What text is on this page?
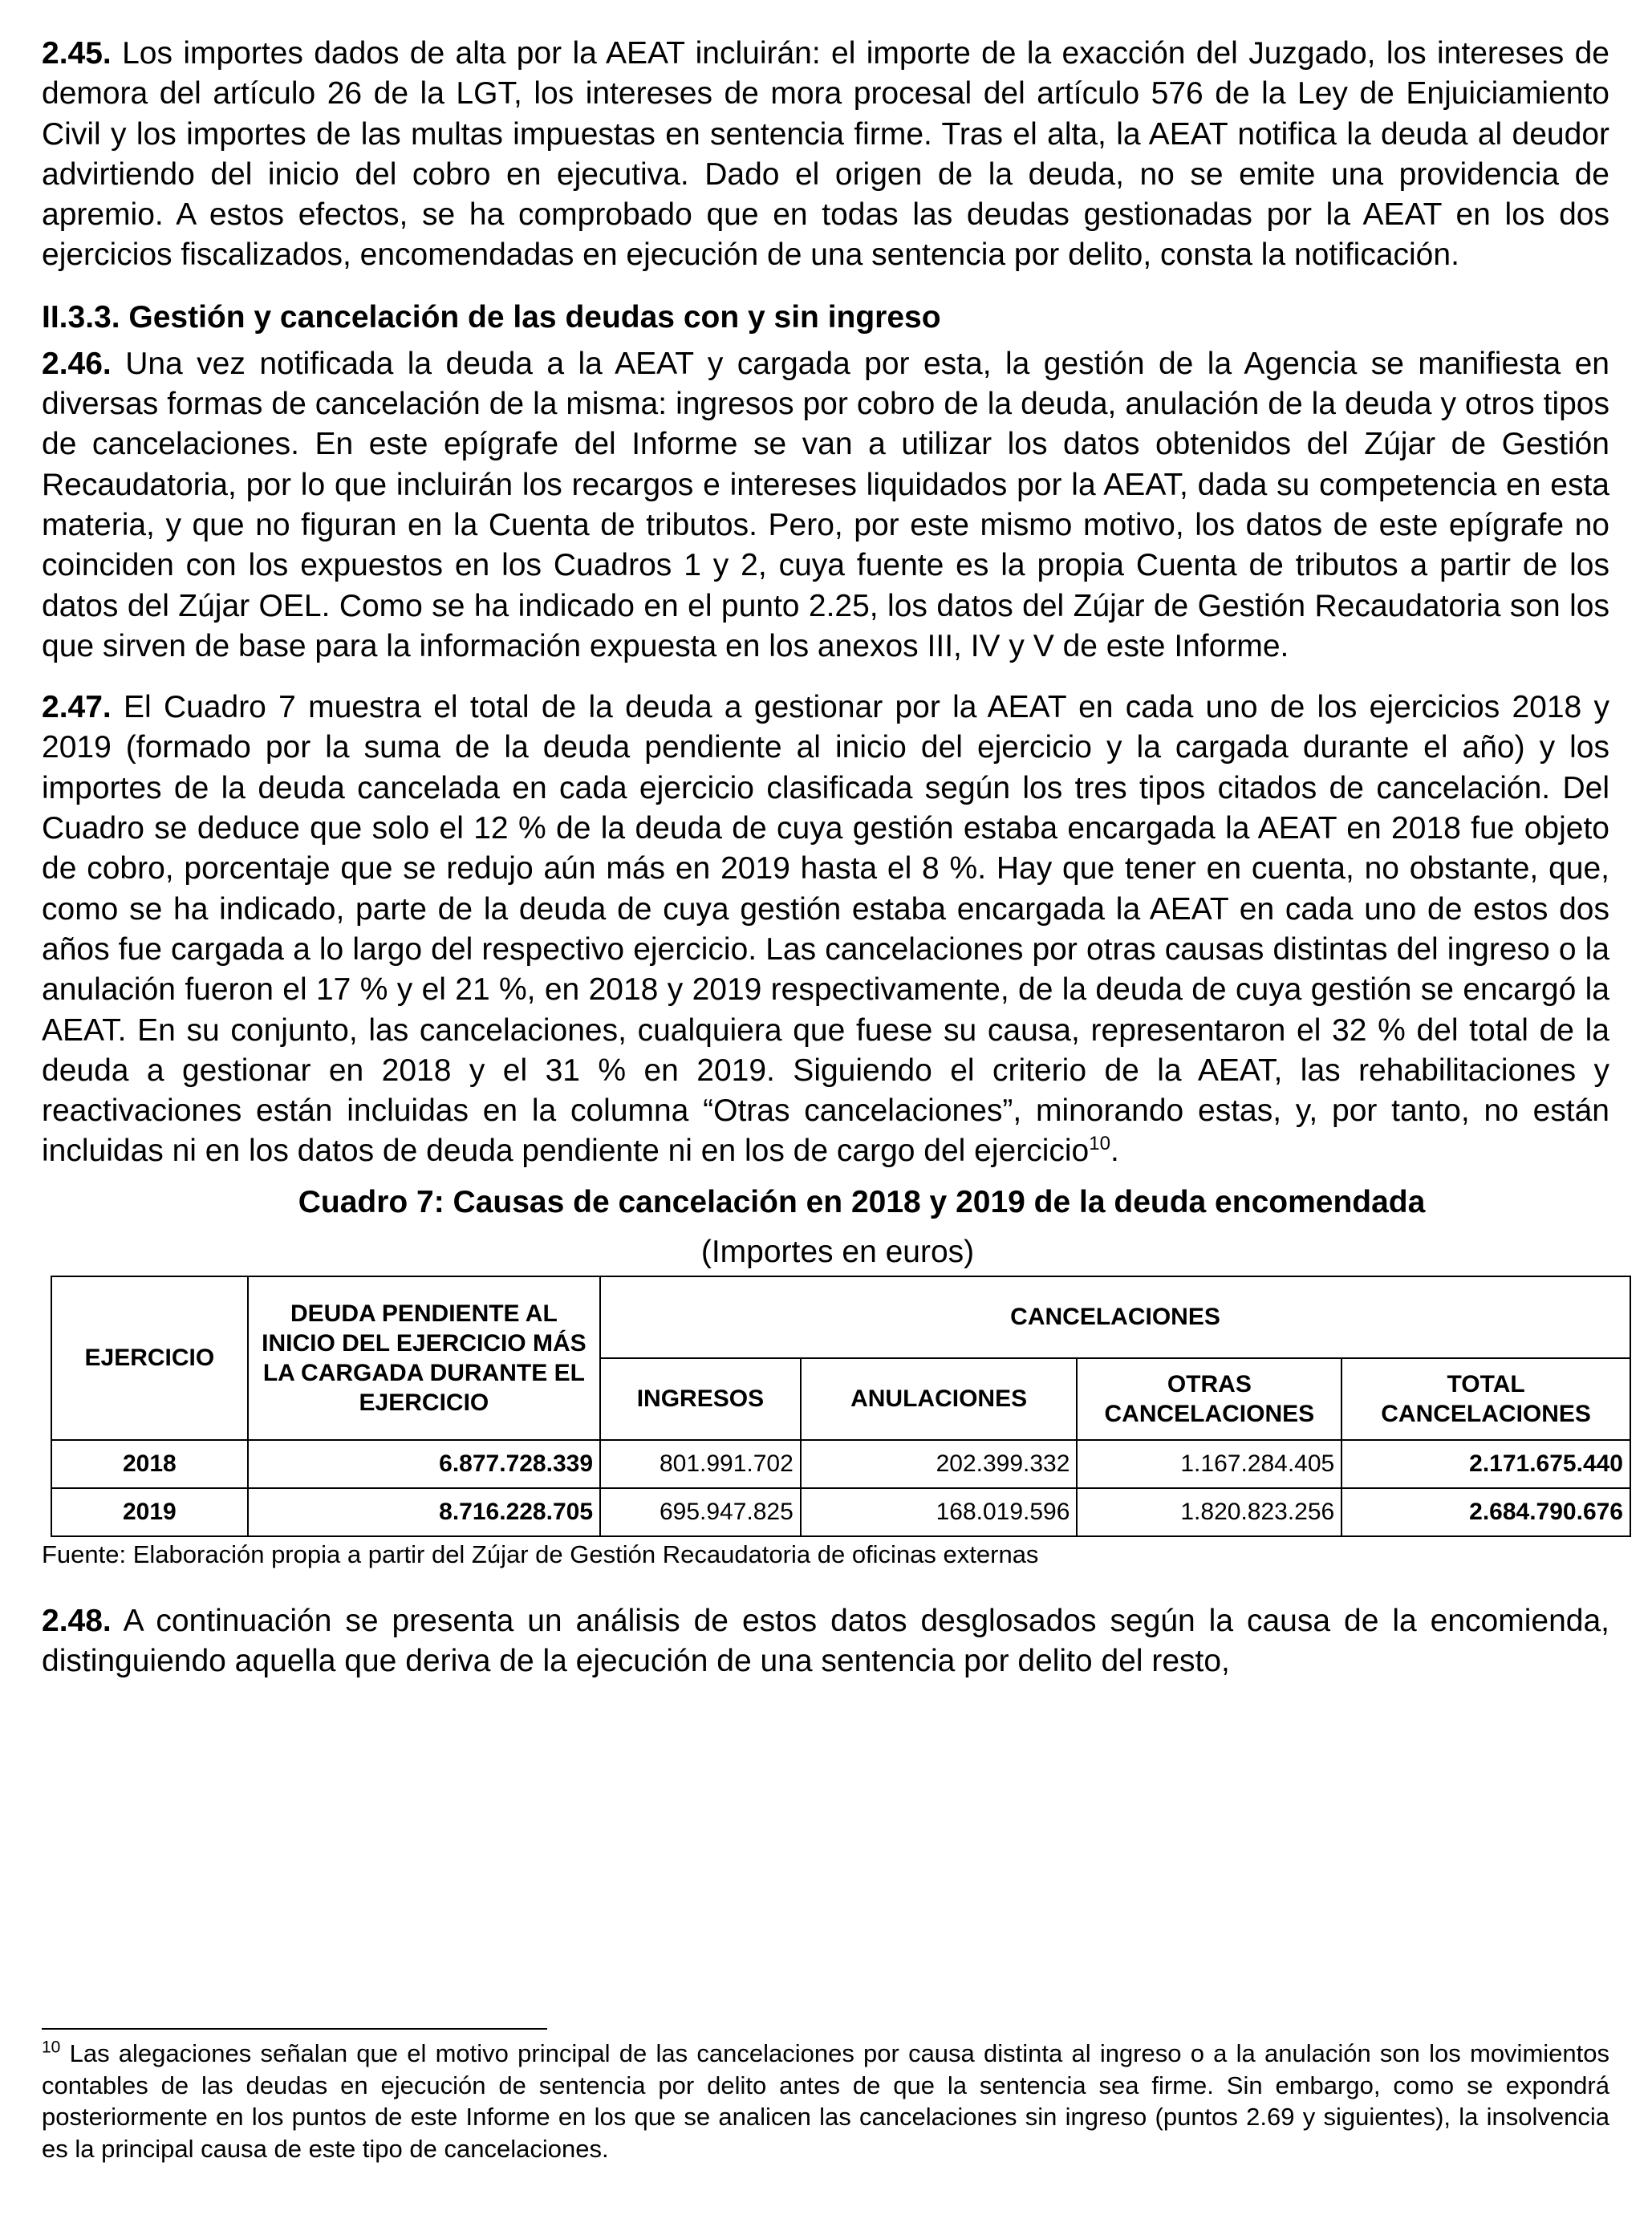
2.45. Los importes dados de alta por la AEAT incluirán: el importe de la exacción del Juzgado, los intereses de demora del artículo 26 de la LGT, los intereses de mora procesal del artículo 576 de la Ley de Enjuiciamiento Civil y los importes de las multas impuestas en sentencia firme. Tras el alta, la AEAT notifica la deuda al deudor advirtiendo del inicio del cobro en ejecutiva. Dado el origen de la deuda, no se emite una providencia de apremio. A estos efectos, se ha comprobado que en todas las deudas gestionadas por la AEAT en los dos ejercicios fiscalizados, encomendadas en ejecución de una sentencia por delito, consta la notificación.

II.3.3. Gestión y cancelación de las deudas con y sin ingreso

2.46. Una vez notificada la deuda a la AEAT y cargada por esta, la gestión de la Agencia se manifiesta en diversas formas de cancelación de la misma: ingresos por cobro de la deuda, anulación de la deuda y otros tipos de cancelaciones. En este epígrafe del Informe se van a utilizar los datos obtenidos del Zújar de Gestión Recaudatoria, por lo que incluirán los recargos e intereses liquidados por la AEAT, dada su competencia en esta materia, y que no figuran en la Cuenta de tributos. Pero, por este mismo motivo, los datos de este epígrafe no coinciden con los expuestos en los Cuadros 1 y 2, cuya fuente es la propia Cuenta de tributos a partir de los datos del Zújar OEL. Como se ha indicado en el punto 2.25, los datos del Zújar de Gestión Recaudatoria son los que sirven de base para la información expuesta en los anexos III, IV y V de este Informe.

2.47. El Cuadro 7 muestra el total de la deuda a gestionar por la AEAT en cada uno de los ejercicios 2018 y 2019 (formado por la suma de la deuda pendiente al inicio del ejercicio y la cargada durante el año) y los importes de la deuda cancelada en cada ejercicio clasificada según los tres tipos citados de cancelación. Del Cuadro se deduce que solo el 12 % de la deuda de cuya gestión estaba encargada la AEAT en 2018 fue objeto de cobro, porcentaje que se redujo aún más en 2019 hasta el 8 %. Hay que tener en cuenta, no obstante, que, como se ha indicado, parte de la deuda de cuya gestión estaba encargada la AEAT en cada uno de estos dos años fue cargada a lo largo del respectivo ejercicio. Las cancelaciones por otras causas distintas del ingreso o la anulación fueron el 17 % y el 21 %, en 2018 y 2019 respectivamente, de la deuda de cuya gestión se encargó la AEAT. En su conjunto, las cancelaciones, cualquiera que fuese su causa, representaron el 32 % del total de la deuda a gestionar en 2018 y el 31 % en 2019. Siguiendo el criterio de la AEAT, las rehabilitaciones y reactivaciones están incluidas en la columna “Otras cancelaciones”, minorando estas, y, por tanto, no están incluidas ni en los datos de deuda pendiente ni en los de cargo del ejercicio$^{10}$.

Cuadro 7: Causas de cancelación en 2018 y 2019 de la deuda encomendada

(Importes en euros)

EJERCICIO	DEUDA PENDIENTE AL INICIO DEL EJERCICIO MÁS LA CARGADA DURANTE EL EJERCICIO	CANCELACIONES			
		INGRESOS	ANULACIONES	OTRAS CANCELACIONES	TOTAL CANCELACIONES
2018	6.877.728.339	801.991.702	202.399.332	1.167.284.405	2.171.675.440
2019	8.716.228.705	695.947.825	168.019.596	1.820.823.256	2.684.790.676

Fuente: Elaboración propia a partir del Zújar de Gestión Recaudatoria de oficinas externas

2.48. A continuación se presenta un análisis de estos datos desglosados según la causa de la encomienda, distinguiendo aquella que deriva de la ejecución de una sentencia por delito del resto,

$^{10}$ Las alegaciones señalan que el motivo principal de las cancelaciones por causa distinta al ingreso o a la anulación son los movimientos contables de las deudas en ejecución de sentencia por delito antes de que la sentencia sea firme. Sin embargo, como se expondrá posteriormente en los puntos de este Informe en los que se analicen las cancelaciones sin ingreso (puntos 2.69 y siguientes), la insolvencia es la principal causa de este tipo de cancelaciones.
